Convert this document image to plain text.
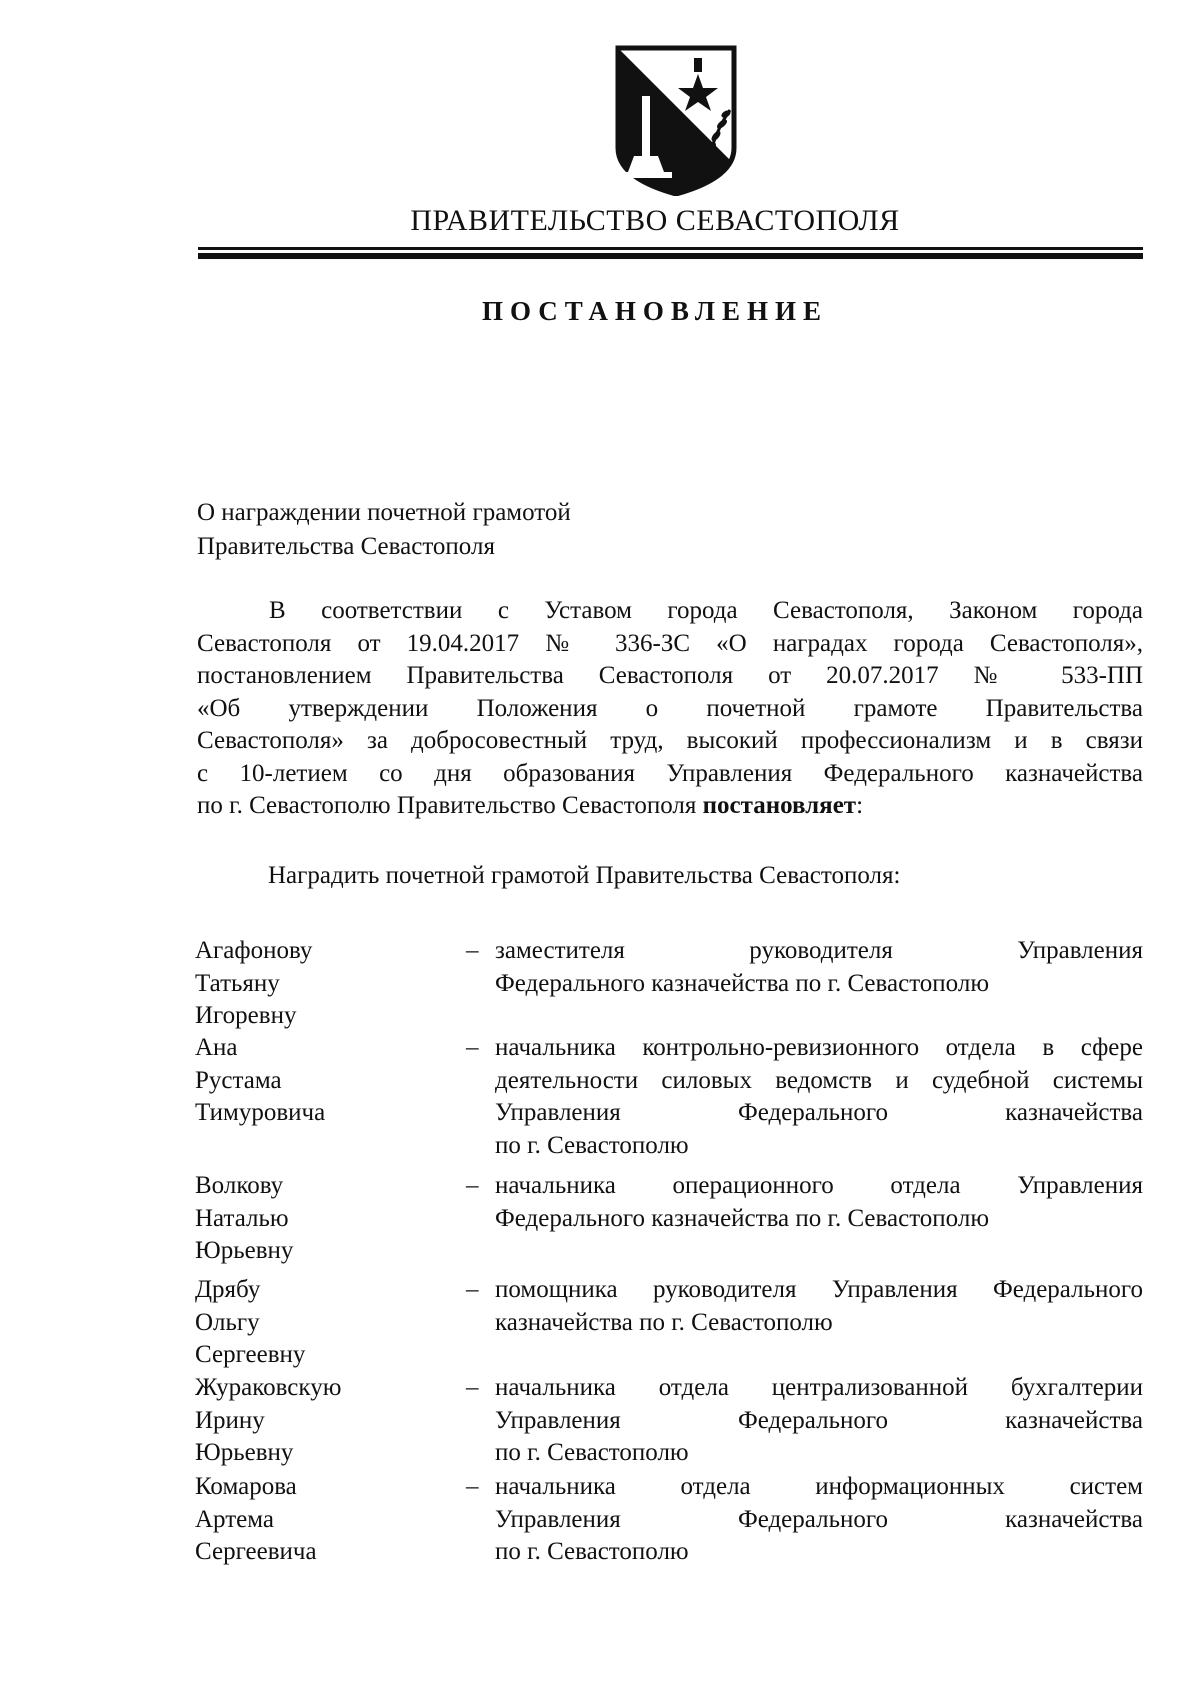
ПРАВИТЕЛЬСТВО СЕВАСТОПОЛЯ
ПОСТАНОВЛЕНИЕ
О награждении почетной грамотой
Правительства Севастополя
В соответствии с Уставом города Севастополя, Законом города
Севастополя от 19.04.2017 № 336-ЗС «О наградах города Севастополя»,
постановлением Правительства Севастополя от 20.07.2017 № 533-ПП
«Об утверждении Положения о почетной грамоте Правительства
Севастополя» за добросовестный труд, высокий профессионализм и в связи
с 10-летием со дня образования Управления Федерального казначейства
по г. Севастополю Правительство Севастополя постановляет:
Наградить почетной грамотой Правительства Севастополя:
Агафонову
Татьяну
Игоревну
– заместителя руководителя Управления
Федерального казначейства по г. Севастополю
Ана
Рустама
Тимуровича
– начальника контрольно-ревизионного отдела в сфере
деятельности силовых ведомств и судебной системы
Управления Федерального казначейства
по г. Севастополю
Волкову
Наталью
Юрьевну
– начальника операционного отдела Управления
Федерального казначейства по г. Севастополю
Дрябу
Ольгу
Сергеевну
– помощника руководителя Управления Федерального
казначейства по г. Севастополю
Жураковскую
Ирину
Юрьевну
– начальника отдела централизованной бухгалтерии
Управления Федерального казначейства
по г. Севастополю
Комарова
Артема
Сергеевича
– начальника отдела информационных систем
Управления Федерального казначейства
по г. Севастополю
